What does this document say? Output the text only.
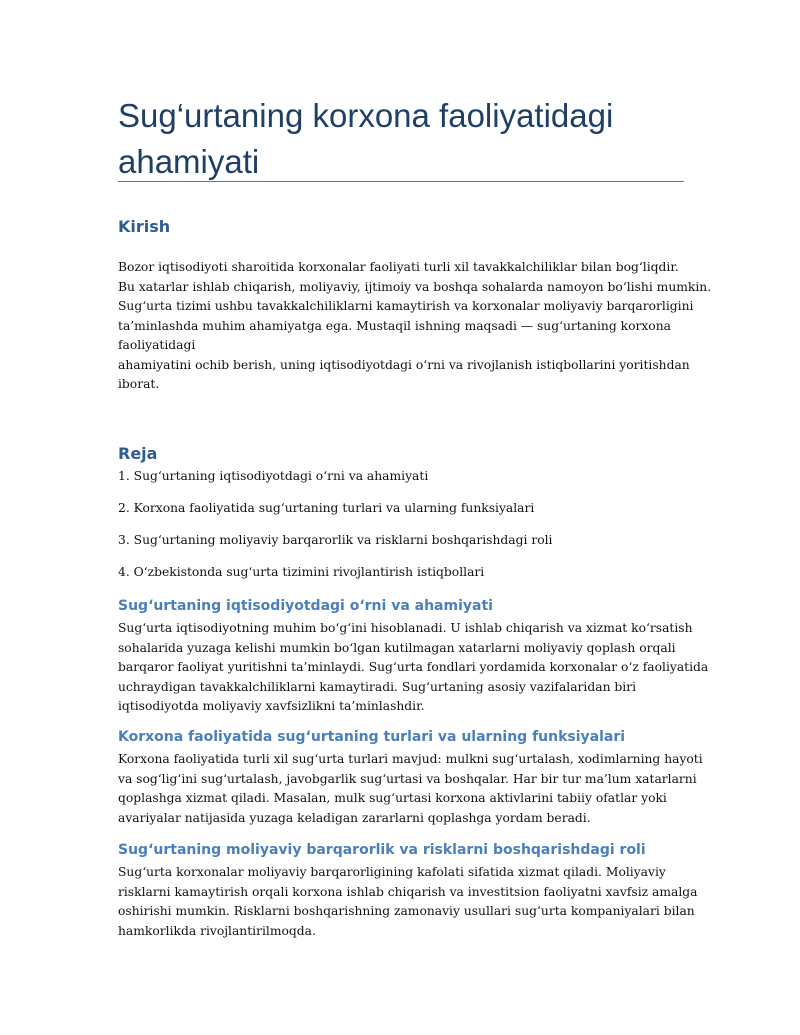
Sug‘urtaning korxona faoliyatidagi
ahamiyati
Kirish
Bozor iqtisodiyoti sharoitida korxonalar faoliyati turli xil tavakkalchiliklar bilan bog‘liqdir.
Bu xatarlar ishlab chiqarish, moliyaviy, ijtimoiy va boshqa sohalarda namoyon bo‘lishi mumkin.
Sug‘urta tizimi ushbu tavakkalchiliklarni kamaytirish va korxonalar moliyaviy barqarorligini
ta’minlashda muhim ahamiyatga ega. Mustaqil ishning maqsadi — sug‘urtaning korxona
faoliyatidagi
ahamiyatini ochib berish, uning iqtisodiyotdagi o‘rni va rivojlanish istiqbollarini yoritishdan
iborat.
Reja

1. Sug‘urtaning iqtisodiyotdagi o‘rni va ahamiyati

2. Korxona faoliyatida sug‘urtaning turlari va ularning funksiyalari

3. Sug‘urtaning moliyaviy barqarorlik va risklarni boshqarishdagi roli

4. O‘zbekistonda sug‘urta tizimini rivojlantirish istiqbollari

Sug‘urtaning iqtisodiyotdagi o‘rni va ahamiyati
Sug‘urta iqtisodiyotning muhim bo‘g‘ini hisoblanadi. U ishlab chiqarish va xizmat ko‘rsatish
sohalarida yuzaga kelishi mumkin bo‘lgan kutilmagan xatarlarni moliyaviy qoplash orqali
barqaror faoliyat yuritishni ta’minlaydi. Sug‘urta fondlari yordamida korxonalar o‘z faoliyatida
uchraydigan tavakkalchiliklarni kamaytiradi. Sug‘urtaning asosiy vazifalaridan biri
iqtisodiyotda moliyaviy xavfsizlikni ta’minlashdir.
Korxona faoliyatida sug‘urtaning turlari va ularning funksiyalari
Korxona faoliyatida turli xil sug‘urta turlari mavjud: mulkni sug‘urtalash, xodimlarning hayoti
va sog‘lig‘ini sug‘urtalash, javobgarlik sug‘urtasi va boshqalar. Har bir tur ma’lum xatarlarni
qoplashga xizmat qiladi. Masalan, mulk sug‘urtasi korxona aktivlarini tabiiy ofatlar yoki
avariyalar natijasida yuzaga keladigan zararlarni qoplashga yordam beradi.
Sug‘urtaning moliyaviy barqarorlik va risklarni boshqarishdagi roli
Sug‘urta korxonalar moliyaviy barqarorligining kafolati sifatida xizmat qiladi. Moliyaviy
risklarni kamaytirish orqali korxona ishlab chiqarish va investitsion faoliyatni xavfsiz amalga
oshirishi mumkin. Risklarni boshqarishning zamonaviy usullari sug‘urta kompaniyalari bilan
hamkorlikda rivojlantirilmoqda.
